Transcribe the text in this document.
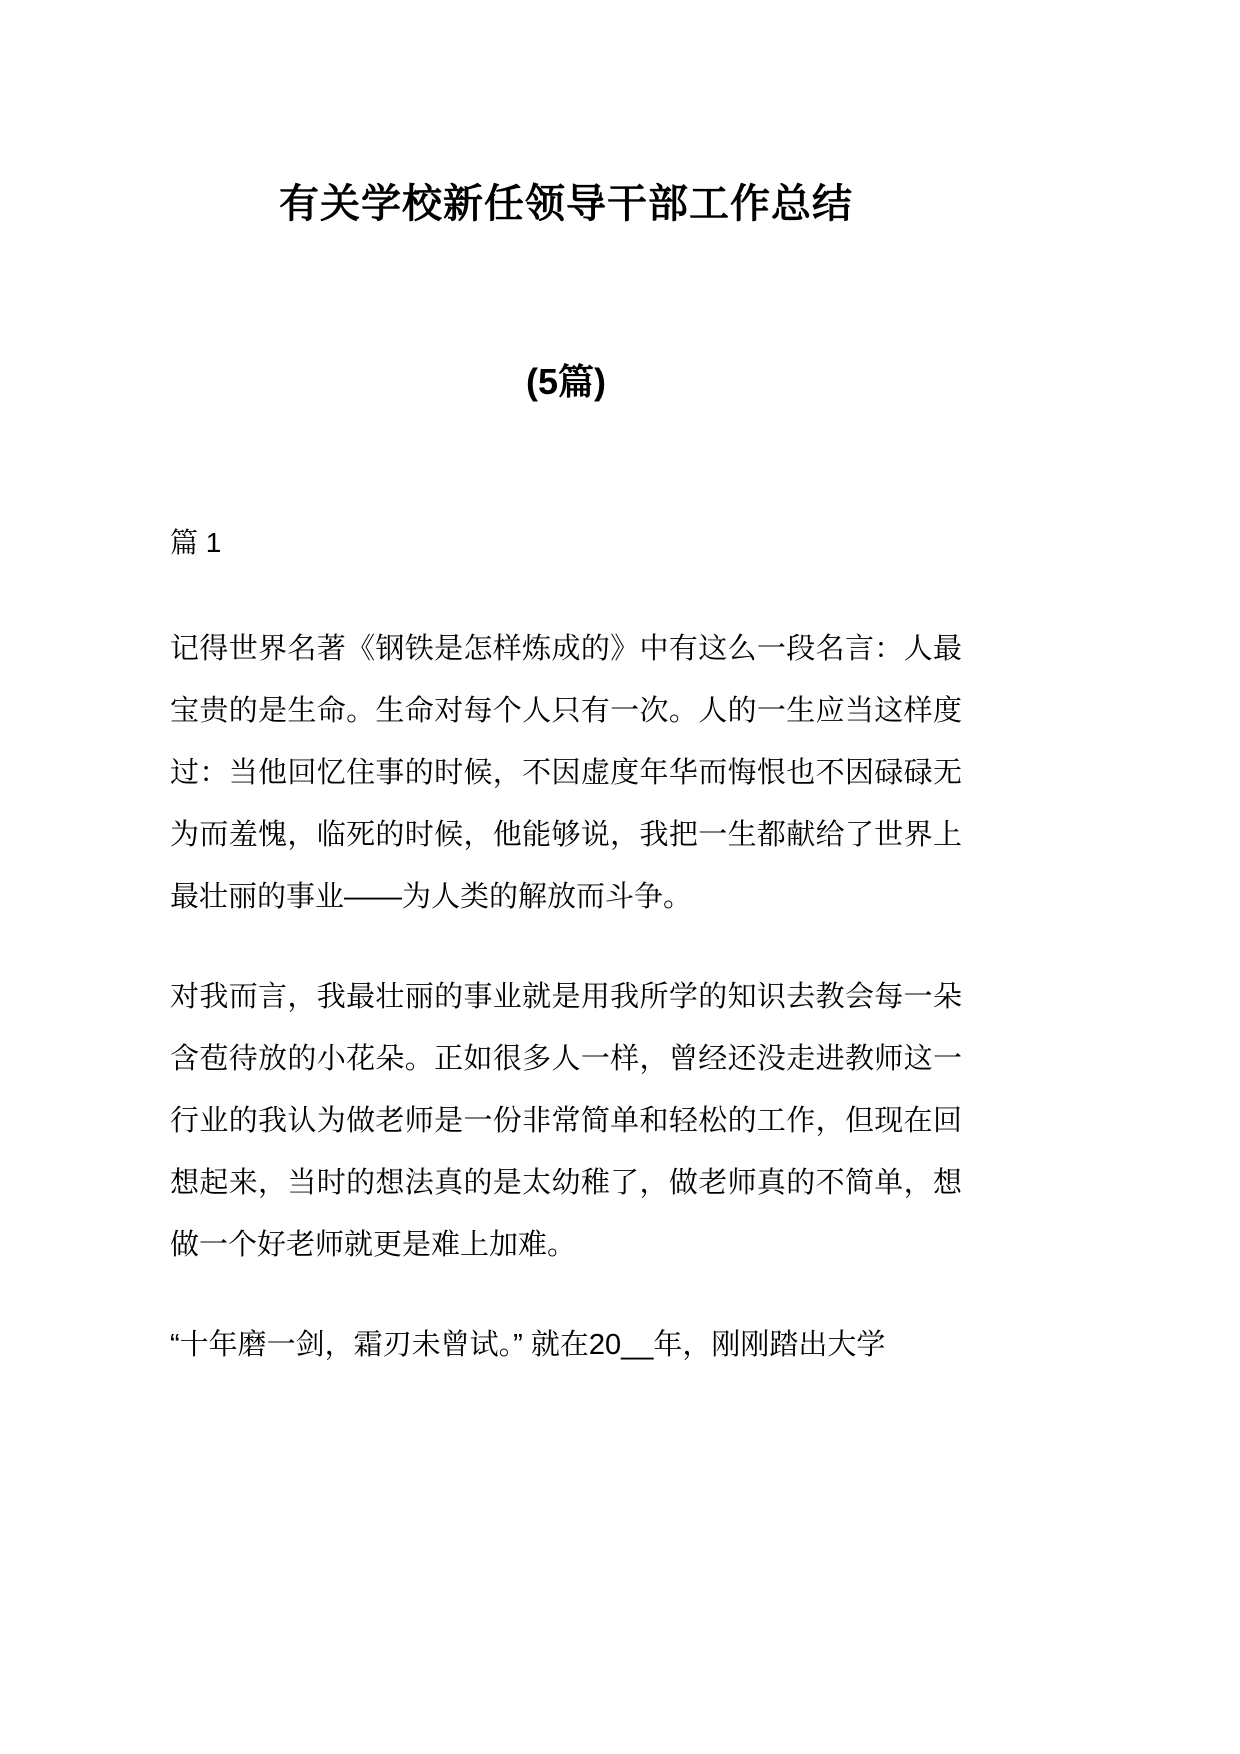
有关学校新任领导干部工作总结
(5篇)
篇 1

记得世界名著《钢铁是怎样炼成的》中有这么一段名言：人最宝贵的是生命。生命对每个人只有一次。人的一生应当这样度过：当他回忆住事的时候，不因虚度年华而悔恨也不因碌碌无为而羞愧，临死的时候，他能够说，我把一生都献给了世界上最壮丽的事业——为人类的解放而斗争。

对我而言，我最壮丽的事业就是用我所学的知识去教会每一朵含苞待放的小花朵。正如很多人一样，曾经还没走进教师这一行业的我认为做老师是一份非常简单和轻松的工作，但现在回想起来，当时的想法真的是太幼稚了，做老师真的不简单，想做一个好老师就更是难上加难。

“十年磨一剑，霜刃未曾试。” 就在20__年，刚刚踏出大学
